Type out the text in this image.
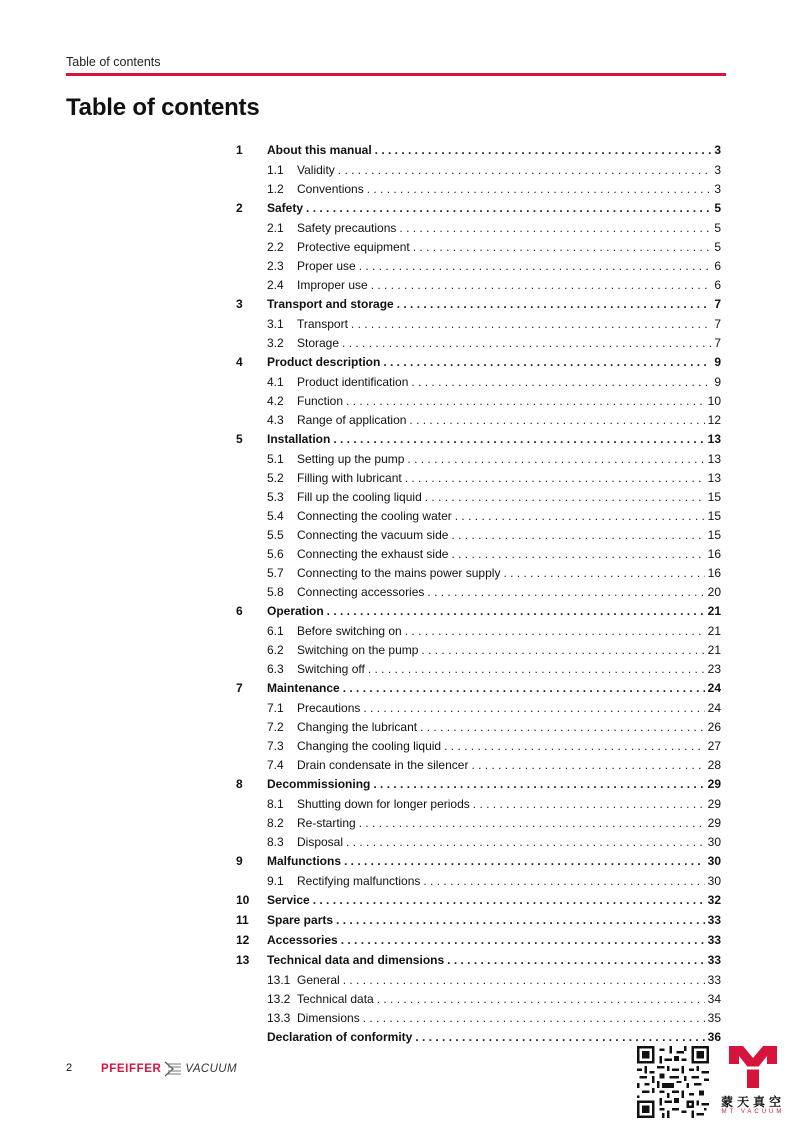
Table of contents
Table of contents
1 About this manual . . .	3
1.1 Validity . . .	3
1.2 Conventions . . .	3
2 Safety . . .	5
2.1 Safety precautions . . .	5
2.2 Protective equipment . . .	5
2.3 Proper use . . .	6
2.4 Improper use . . .	6
3 Transport and storage . . .	7
3.1 Transport . . .	7
3.2 Storage . . .	7
4 Product description . . .	9
4.1 Product identification . . .	9
4.2 Function . . .	10
4.3 Range of application . . .	12
5 Installation . . .	13
5.1 Setting up the pump . . .	13
5.2 Filling with lubricant . . .	13
5.3 Fill up the cooling liquid . . .	15
5.4 Connecting the cooling water . . .	15
5.5 Connecting the vacuum side . . .	15
5.6 Connecting the exhaust side . . .	16
5.7 Connecting to the mains power supply . . .	16
5.8 Connecting accessories . . .	20
6 Operation . . .	21
6.1 Before switching on . . .	21
6.2 Switching on the pump . . .	21
6.3 Switching off . . .	23
7 Maintenance . . .	24
7.1 Precautions . . .	24
7.2 Changing the lubricant . . .	26
7.3 Changing the cooling liquid . . .	27
7.4 Drain condensate in the silencer . . .	28
8 Decommissioning . . .	29
8.1 Shutting down for longer periods . . .	29
8.2 Re-starting . . .	29
8.3 Disposal . . .	30
9 Malfunctions . . .	30
9.1 Rectifying malfunctions . . .	30
10 Service . . .	32
11 Spare parts . . .	33
12 Accessories . . .	33
13 Technical data and dimensions . . .	33
13.1 General . . .	33
13.2 Technical data . . .	34
13.3 Dimensions . . .	35
Declaration of conformity . . .	36
2	PFEIFFER VACUUM
蒙天真空
MT VACUUM
